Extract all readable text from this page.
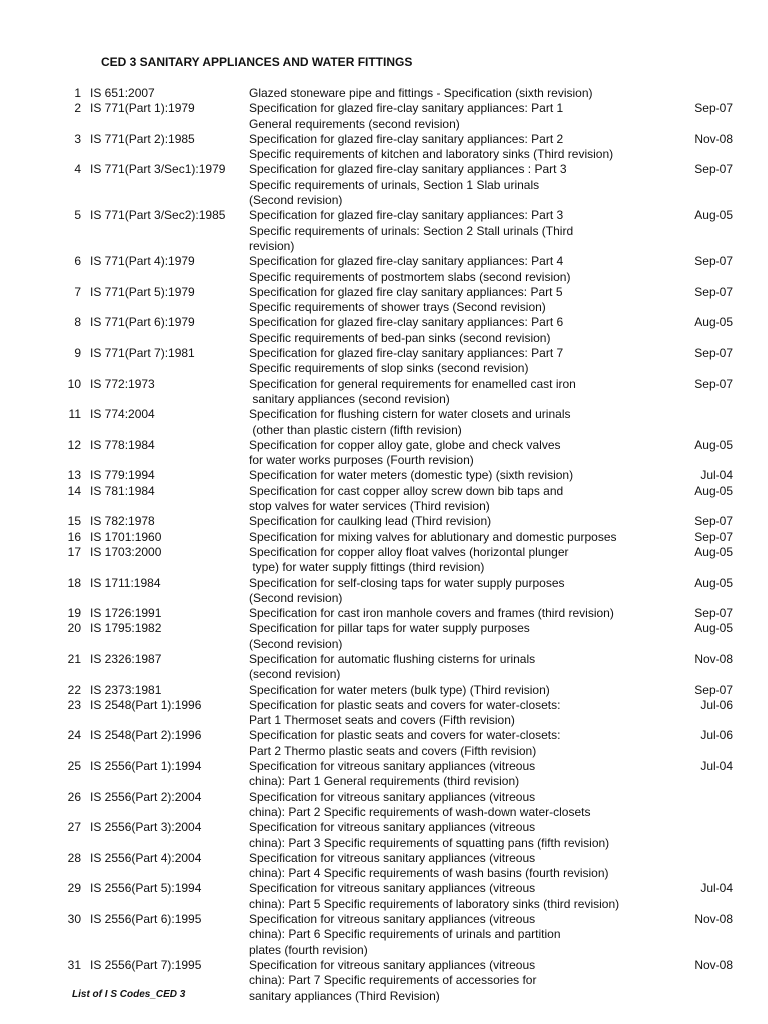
CED 3 SANITARY APPLIANCES AND WATER FITTINGS
1 IS 651:2007	Glazed stoneware pipe and fittings - Specification (sixth revision)
2 IS 771(Part 1):1979	Specification for glazed fire-clay sanitary appliances: Part 1
General requirements (second revision)
Sep-07
3 IS 771(Part 2):1985	Specification for glazed fire-clay sanitary appliances: Part 2
Specific requirements of kitchen and laboratory sinks (Third revision)
Nov-08
4 IS 771(Part 3/Sec1):1979	Specification for glazed fire-clay sanitary appliances : Part 3
Specific requirements of urinals, Section 1 Slab urinals
(Second revision)
Sep-07
5 IS 771(Part 3/Sec2):1985	Specification for glazed fire-clay sanitary appliances: Part 3
Specific requirements of urinals: Section 2 Stall urinals (Third
revision)
Aug-05
6 IS 771(Part 4):1979	Specification for glazed fire-clay sanitary appliances: Part 4
Specific requirements of postmortem slabs (second revision)
Sep-07
7 IS 771(Part 5):1979	Specification for glazed fire clay sanitary appliances: Part 5
Specific requirements of shower trays (Second revision)
Sep-07
8 IS 771(Part 6):1979	Specification for glazed fire-clay sanitary appliances: Part 6
Specific requirements of bed-pan sinks (second revision)
Aug-05
9 IS 771(Part 7):1981	Specification for glazed fire-clay sanitary appliances: Part 7
Specific requirements of slop sinks (second revision)
Sep-07
10 IS 772:1973	Specification for general requirements for enamelled cast iron
sanitary appliances (second revision)
Sep-07
11 IS 774:2004	Specification for flushing cistern for water closets and urinals
(other than plastic cistern (fifth revision)
12 IS 778:1984	Specification for copper alloy gate, globe and check valves
for water works purposes (Fourth revision)
Aug-05
13 IS 779:1994	Specification for water meters (domestic type) (sixth revision)	Jul-04
14 IS 781:1984	Specification for cast copper alloy screw down bib taps and
stop valves for water services (Third revision)
Aug-05
15 IS 782:1978	Specification for caulking lead (Third revision)	Sep-07
16 IS 1701:1960	Specification for mixing valves for ablutionary and domestic purposes	Sep-07
17 IS 1703:2000	Specification for copper alloy float valves (horizontal plunger
type) for water supply fittings (third revision)
Aug-05
18 IS 1711:1984	Specification for self-closing taps for water supply purposes
(Second revision)
Aug-05
19 IS 1726:1991	Specification for cast iron manhole covers and frames (third revision)	Sep-07
20 IS 1795:1982	Specification for pillar taps for water supply purposes
(Second revision)
Aug-05
21 IS 2326:1987	Specification for automatic flushing cisterns for urinals
(second revision)
Nov-08
22 IS 2373:1981	Specification for water meters (bulk type) (Third revision)	Sep-07
23 IS 2548(Part 1):1996	Specification for plastic seats and covers for water-closets:
Part 1 Thermoset seats and covers (Fifth revision)
Jul-06
24 IS 2548(Part 2):1996	Specification for plastic seats and covers for water-closets:
Part 2 Thermo plastic seats and covers (Fifth revision)
Jul-06
25 IS 2556(Part 1):1994	Specification for vitreous sanitary appliances (vitreous
china): Part 1 General requirements (third revision)
Jul-04
26 IS 2556(Part 2):2004	Specification for vitreous sanitary appliances (vitreous
china): Part 2 Specific requirements of wash-down water-closets
27 IS 2556(Part 3):2004	Specification for vitreous sanitary appliances (vitreous
china): Part 3 Specific requirements of squatting pans (fifth revision)
28 IS 2556(Part 4):2004	Specification for vitreous sanitary appliances (vitreous
china): Part 4 Specific requirements of wash basins (fourth revision)
29 IS 2556(Part 5):1994	Specification for vitreous sanitary appliances (vitreous
china): Part 5 Specific requirements of laboratory sinks (third revision)
Jul-04
30 IS 2556(Part 6):1995	Specification for vitreous sanitary appliances (vitreous
china): Part 6 Specific requirements of urinals and partition
plates (fourth revision)
Nov-08
31 IS 2556(Part 7):1995	Specification for vitreous sanitary appliances (vitreous
china): Part 7 Specific requirements of accessories for
sanitary appliances (Third Revision)
Nov-08
List of I S Codes_CED 3
